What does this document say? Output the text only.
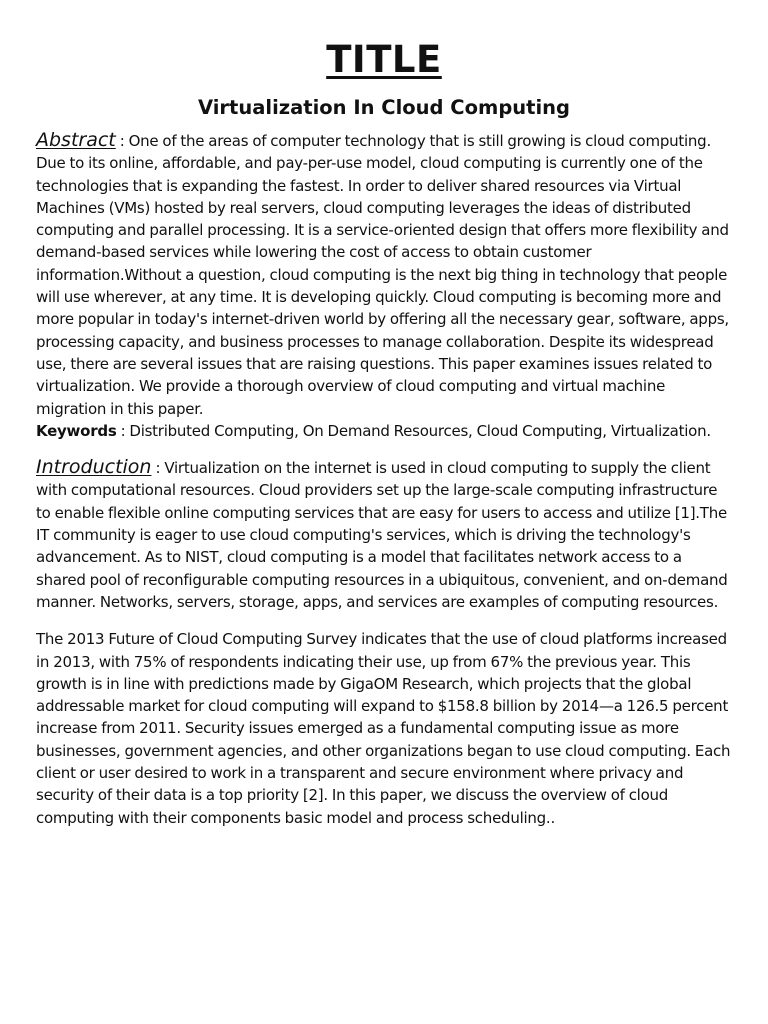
TITLE
Virtualization In Cloud Computing

Abstract : One of the areas of computer technology that is still growing is cloud computing. Due to its online, affordable, and pay-per-use model, cloud computing is currently one of the technologies that is expanding the fastest. In order to deliver shared resources via Virtual Machines (VMs) hosted by real servers, cloud computing leverages the ideas of distributed computing and parallel processing. It is a service-oriented design that offers more flexibility and demand-based services while lowering the cost of access to obtain customer information.Without a question, cloud computing is the next big thing in technology that people will use wherever, at any time. It is developing quickly. Cloud computing is becoming more and more popular in today's internet-driven world by offering all the necessary gear, software, apps, processing capacity, and business processes to manage collaboration. Despite its widespread use, there are several issues that are raising questions. This paper examines issues related to virtualization. We provide a thorough overview of cloud computing and virtual machine migration in this paper.

Keywords : Distributed Computing, On Demand Resources, Cloud Computing, Virtualization.

Introduction : Virtualization on the internet is used in cloud computing to supply the client with computational resources. Cloud providers set up the large-scale computing infrastructure to enable flexible online computing services that are easy for users to access and utilize [1].The IT community is eager to use cloud computing's services, which is driving the technology's advancement. As to NIST, cloud computing is a model that facilitates network access to a shared pool of reconfigurable computing resources in a ubiquitous, convenient, and on-demand manner. Networks, servers, storage, apps, and services are examples of computing resources.

The 2013 Future of Cloud Computing Survey indicates that the use of cloud platforms increased in 2013, with 75% of respondents indicating their use, up from 67% the previous year. This growth is in line with predictions made by GigaOM Research, which projects that the global addressable market for cloud computing will expand to $158.8 billion by 2014—a 126.5 percent increase from 2011. Security issues emerged as a fundamental computing issue as more businesses, government agencies, and other organizations began to use cloud computing. Each client or user desired to work in a transparent and secure environment where privacy and security of their data is a top priority [2]. In this paper, we discuss the overview of cloud computing with their components basic model and process scheduling..
